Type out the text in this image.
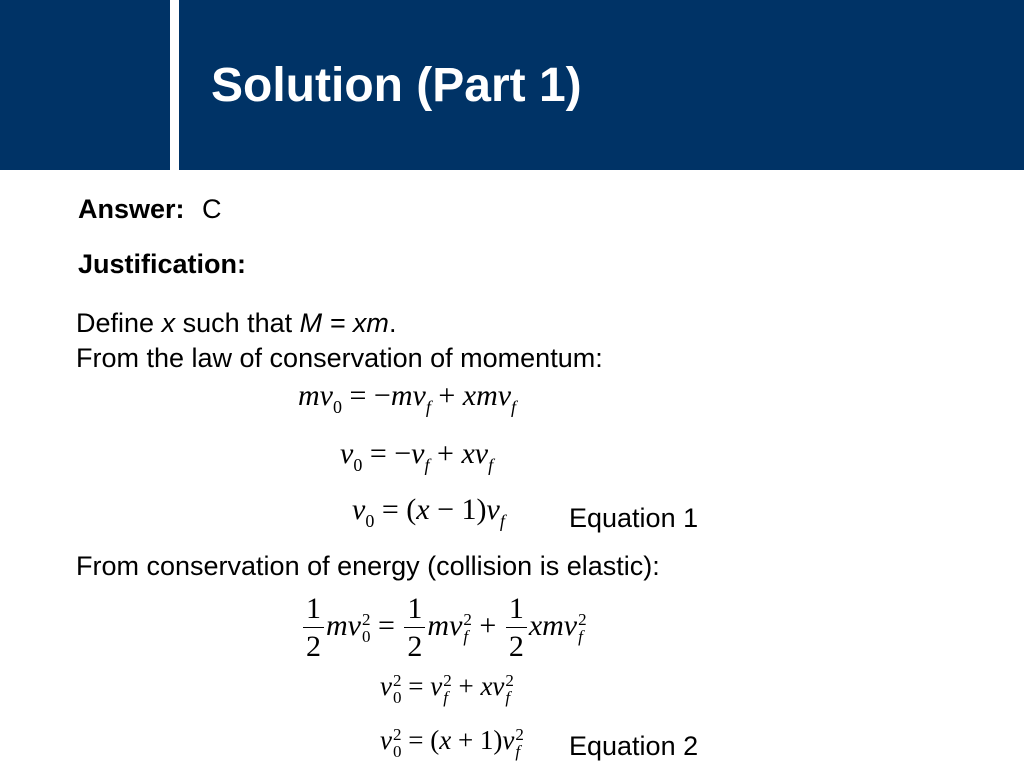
Solution (Part 1)
Answer: C
Justification:
Define x such that M = xm.
From the law of conservation of momentum:
$mv_0 = -mv_f + xmv_f$
$v_0 = -v_f + xv_f$
$v_0 = (x - 1)v_f$ Equation 1
From conservation of energy (collision is elastic):
$\frac{1}{2}$ mv 2
$0 = \frac{1}{2}$ mv 2
$f + \frac{1}{2}$ xmv 2
f
v 2
0 = v 2
f + xv 2
f
v 2
0 = (x + 1)v 2
f Equation 2
